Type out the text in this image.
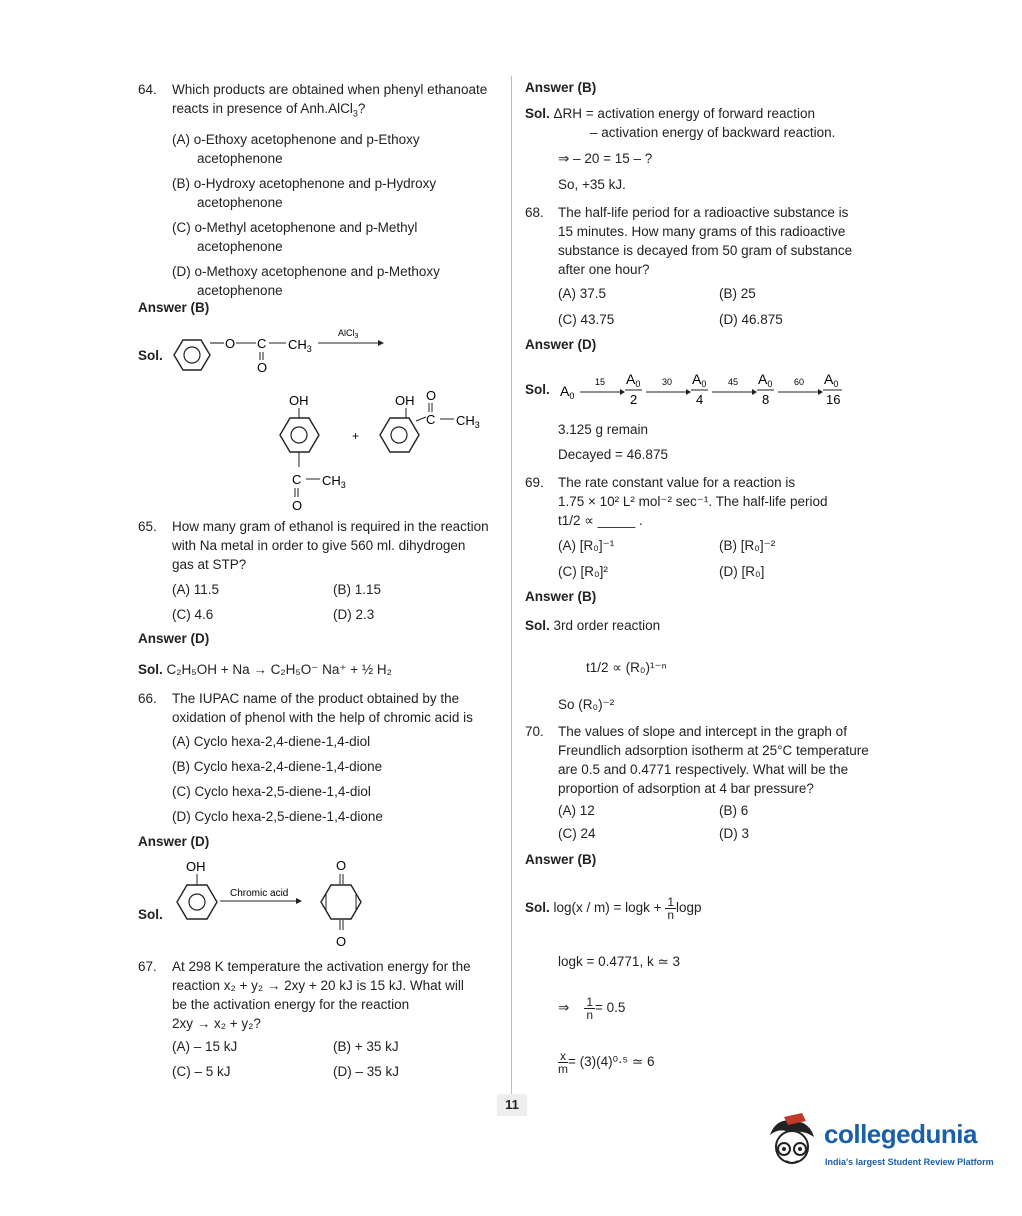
64. Which products are obtained when phenyl ethanoate
reacts in presence of Anh.AlCl$_3$?
(A) o-Ethoxy acetophenone and p-Ethoxy
acetophenone
(B) o-Hydroxy acetophenone and p-Hydroxy
acetophenone
(C) o-Methyl acetophenone and p-Methyl
acetophenone
(D) o-Methoxy acetophenone and p-Methoxy
acetophenone
Answer (B)
Sol.
O C
O
$CH_3$
AlCl$_3$
OH
C $CH_3$
O
+
OH O
C $CH_3$
65. How many gram of ethanol is required in the reaction
with Na metal in order to give 560 ml. dihydrogen
gas at STP?
(A) 11.5	(B) 1.15
(C) 4.6	(D) 2.3
Answer (D)
Sol. C₂H₅OH + Na → C₂H₅O⁻ Na⁺ + ½ H₂
66. The IUPAC name of the product obtained by the
oxidation of phenol with the help of chromic acid is
(A) Cyclo hexa-2,4-diene-1,4-diol
(B) Cyclo hexa-2,4-diene-1,4-dione
(C) Cyclo hexa-2,5-diene-1,4-diol
(D) Cyclo hexa-2,5-diene-1,4-dione
Answer (D)
Sol.
OH
Chromic acid
O
O
67. At 298 K temperature the activation energy for the
reaction x₂ + y₂ → 2xy + 20 kJ is 15 kJ. What will
be the activation energy for the reaction
2xy → x₂ + y₂?
(A) – 15 kJ	(B) + 35 kJ
(C) – 5 kJ	(D) – 35 kJ
Answer (B)
Sol. ΔRH = activation energy of forward reaction
– activation energy of backward reaction.
⇒ – 20 = 15 – ?
So, +35 kJ.
68. The half-life period for a radioactive substance is
15 minutes. How many grams of this radioactive
substance is decayed from 50 gram of substance
after one hour?
(A) 37.5	(B) 25
(C) 43.75	(D) 46.875
Answer (D)
Sol. $A_0$
15 $A_0$
2
30 $A_0$
4
45 $A_0$
8
60 $A_0$
16
3.125 g remain
Decayed = 46.875
69. The rate constant value for a reaction is
1.75 × 10² L² mol⁻² sec⁻¹. The half-life period
t1/2 ∝ _____ .
(A) [R₀]⁻¹	(B) [R₀]⁻²
(C) [R₀]²	(D) [R₀]
Answer (B)
Sol. 3rd order reaction
t1/2 ∝ (R₀)¹⁻ⁿ
So (R₀)⁻²
70. The values of slope and intercept in the graph of
Freundlich adsorption isotherm at 25°C temperature
are 0.5 and 0.4771 respectively. What will be the
proportion of adsorption at 4 bar pressure?
(A) 12	(B) 6
(C) 24	(D) 3
Answer (B)
Sol. $\log(x / m) = \log k + \frac{1}{n}\log p$
logk = 0.4771, k ≃ 3
⇒ $\frac{1}{n}= 0.5$
$\frac{x}{m}= (3)(4)^0\cdot^5$ ≃ 6
11
collegedunia
India's largest Student Review Platform
